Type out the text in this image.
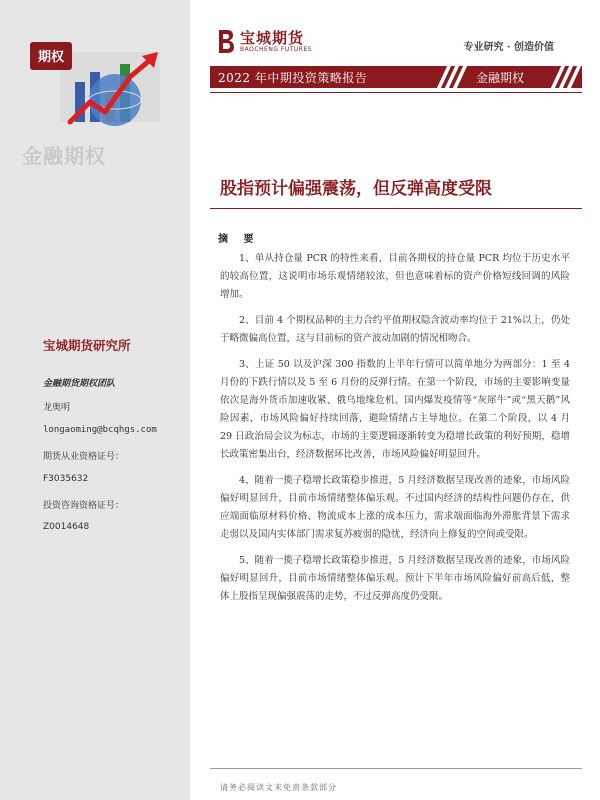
期权
金融期权
宝城期货研究所
金融期货期权团队
龙奥明
longaoming@bcqhgs.com
期货从业资格证号：
F3035632
投资咨询资格证号：
Z0014648
宝城期货
BAOCHENG FUTURES	专业研究 · 创造价值
2022 年中期投资策略报告	金融期权
股指预计偏强震荡，但反弹高度受限
摘 要

1、单从持仓量 PCR 的特性来看，目前各期权的持仓量 PCR 均位于历史水平的较高位置，这说明市场乐观情绪较浓，但也意味着标的资产价格短线回调的风险增加。

2、目前 4 个期权品种的主力合约平值期权隐含波动率均位于 21%以上，仍处于略微偏高位置，这与目前标的资产波动加剧的情况相吻合。

3、上证 50 以及沪深 300 指数的上半年行情可以简单地分为两部分：1 至 4 月份的下跌行情以及 5 至 6 月份的反弹行情。在第一个阶段，市场的主要影响变量依次是海外货币加速收紧、俄乌地缘危机、国内爆发疫情等“灰犀牛”或“黑天鹅”风险因素，市场风险偏好持续回落，避险情绪占主导地位。在第二个阶段，以 4 月 29 日政治局会议为标志，市场的主要逻辑逐渐转变为稳增长政策的利好预期，稳增长政策密集出台，经济数据环比改善，市场风险偏好明显回升。

4、随着一揽子稳增长政策稳步推进，5 月经济数据呈现改善的迹象，市场风险偏好明显回升，目前市场情绪整体偏乐观。不过国内经济的结构性问题仍存在，供应端面临原材料价格、物流成本上涨的成本压力，需求端面临海外滞胀背景下需求走弱以及国内实体部门需求复苏疲弱的隐忧，经济向上修复的空间或受限。

5、随着一揽子稳增长政策稳步推进，5 月经济数据呈现改善的迹象，市场风险偏好明显回升，目前市场情绪整体偏乐观。预计下半年市场风险偏好前高后低，整体上股指呈现偏强震荡的走势，不过反弹高度仍受限。

请务必阅读文末免责条款部分
